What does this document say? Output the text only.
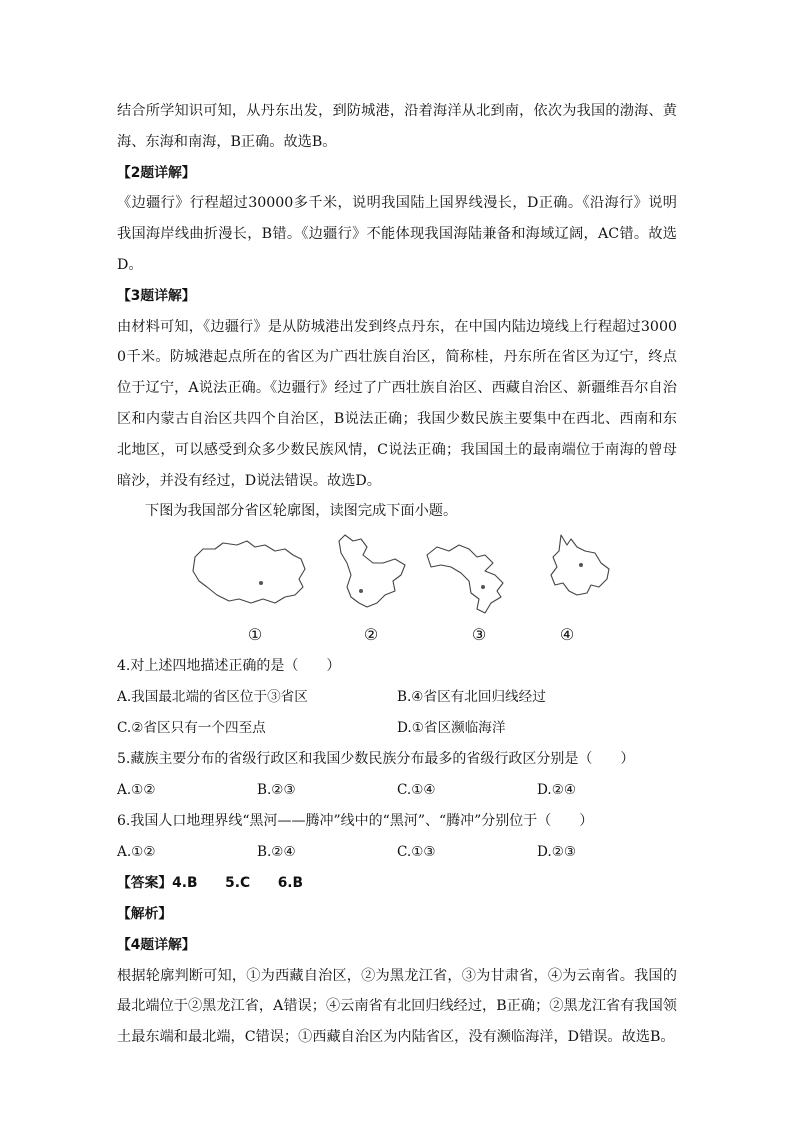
结合所学知识可知，从丹东出发，到防城港，沿着海洋从北到南，依次为我国的渤海、黄海、东海和南海，B正确。故选B。

【2题详解】

《边疆行》行程超过30000多千米，说明我国陆上国界线漫长，D正确。《沿海行》说明我国海岸线曲折漫长，B错。《边疆行》不能体现我国海陆兼备和海域辽阔，AC错。故选D。

【3题详解】

由材料可知，《边疆行》是从防城港出发到终点丹东，在中国内陆边境线上行程超过30000千米。防城港起点所在的省区为广西壮族自治区，简称桂，丹东所在省区为辽宁，终点位于辽宁，A说法正确。《边疆行》经过了广西壮族自治区、西藏自治区、新疆维吾尔自治区和内蒙古自治区共四个自治区，B说法正确；我国少数民族主要集中在西北、西南和东北地区，可以感受到众多少数民族风情，C说法正确；我国国土的最南端位于南海的曾母暗沙，并没有经过，D说法错误。故选D。

下图为我国部分省区轮廓图，读图完成下面小题。

①	②	③	④

4.对上述四地描述正确的是（　　）

A.我国最北端的省区位于③省区	B.④省区有北回归线经过
C.②省区只有一个四至点	D.①省区濒临海洋

5.藏族主要分布的省级行政区和我国少数民族分布最多的省级行政区分别是（　　）

A.①②	B.②③	C.①④	D.②④

6.我国人口地理界线“黑河——腾冲”线中的“黑河”、“腾冲”分别位于（　　）

A.①②	B.②④	C.①③	D.②③

【答案】4.B　　5.C　　6.B

【解析】

【4题详解】

根据轮廓判断可知，①为西藏自治区，②为黑龙江省，③为甘肃省，④为云南省。我国的最北端位于②黑龙江省，A错误；④云南省有北回归线经过，B正确；②黑龙江省有我国领土最东端和最北端，C错误；①西藏自治区为内陆省区，没有濒临海洋，D错误。故选B。
